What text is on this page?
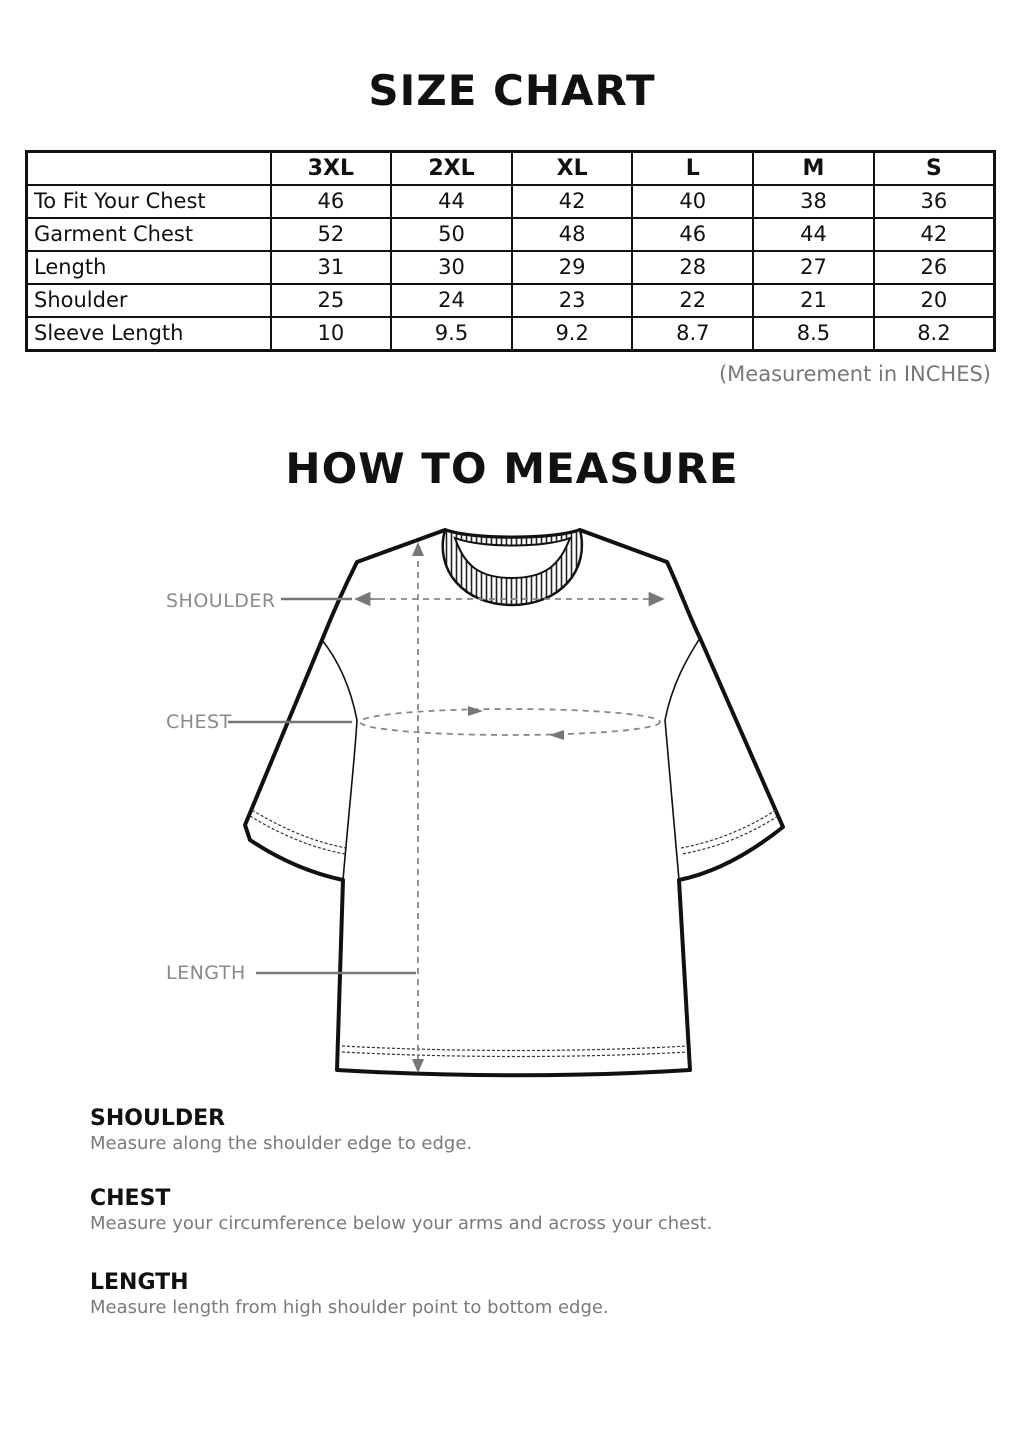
SIZE CHART
	3XL	2XL	XL	L	M	S
To Fit Your Chest	46	44	42	40	38	36
Garment Chest	52	50	48	46	44	42
Length	31	30	29	28	27	26
Shoulder	25	24	23	22	21	20
Sleeve Length	10	9.5	9.2	8.7	8.5	8.2
(Measurement in INCHES)
HOW TO MEASURE
SHOULDER
CHEST
LENGTH
SHOULDER

Measure along the shoulder edge to edge.

CHEST

Measure your circumference below your arms and across your chest.

LENGTH

Measure length from high shoulder point to bottom edge.
